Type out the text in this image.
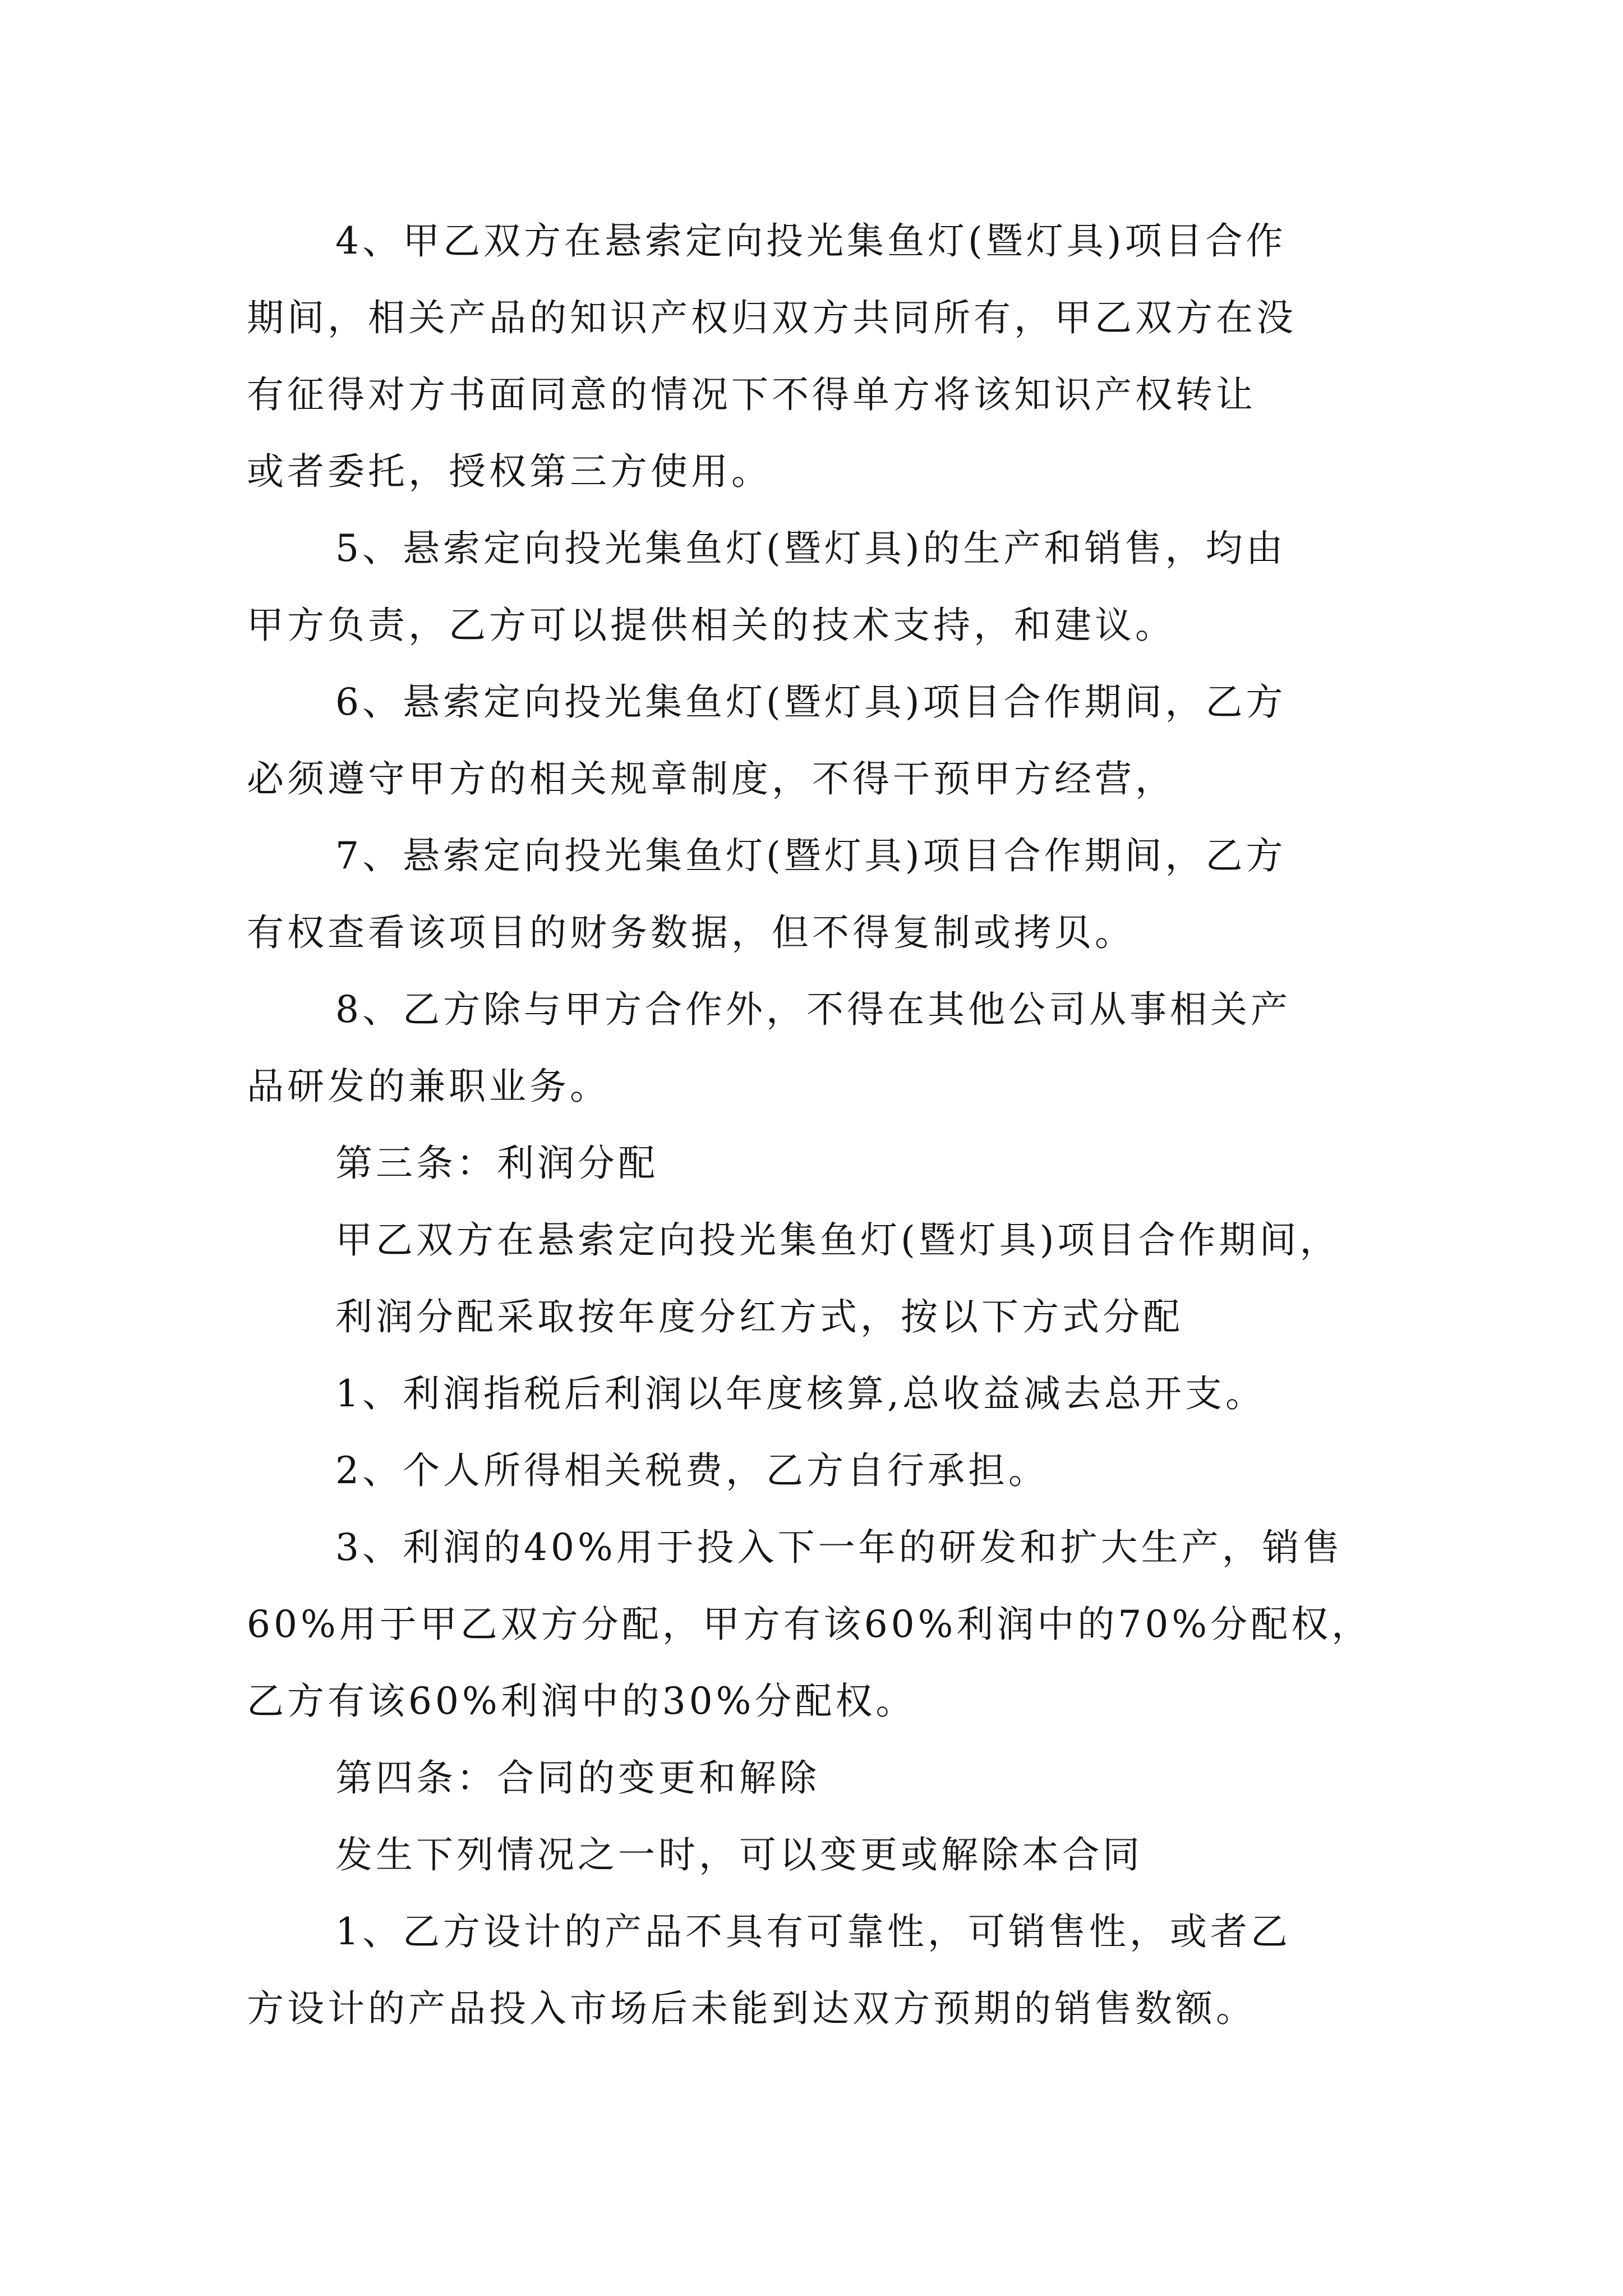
4、甲乙双方在悬索定向投光集鱼灯(暨灯具)项目合作
期间，相关产品的知识产权归双方共同所有，甲乙双方在没
有征得对方书面同意的情况下不得单方将该知识产权转让
或者委托，授权第三方使用。
5、悬索定向投光集鱼灯(暨灯具)的生产和销售，均由
甲方负责，乙方可以提供相关的技术支持，和建议。
6、悬索定向投光集鱼灯(暨灯具)项目合作期间，乙方
必须遵守甲方的相关规章制度，不得干预甲方经营，
7、悬索定向投光集鱼灯(暨灯具)项目合作期间，乙方
有权查看该项目的财务数据，但不得复制或拷贝。
8、乙方除与甲方合作外，不得在其他公司从事相关产
品研发的兼职业务。
第三条：利润分配
甲乙双方在悬索定向投光集鱼灯(暨灯具)项目合作期间，
利润分配采取按年度分红方式，按以下方式分配
1、利润指税后利润以年度核算,总收益减去总开支。
2、个人所得相关税费，乙方自行承担。
3、利润的40%用于投入下一年的研发和扩大生产，销售
60%用于甲乙双方分配，甲方有该60%利润中的70%分配权，
乙方有该60%利润中的30%分配权。
第四条：合同的变更和解除
发生下列情况之一时，可以变更或解除本合同
1、乙方设计的产品不具有可靠性，可销售性，或者乙
方设计的产品投入市场后未能到达双方预期的销售数额。
